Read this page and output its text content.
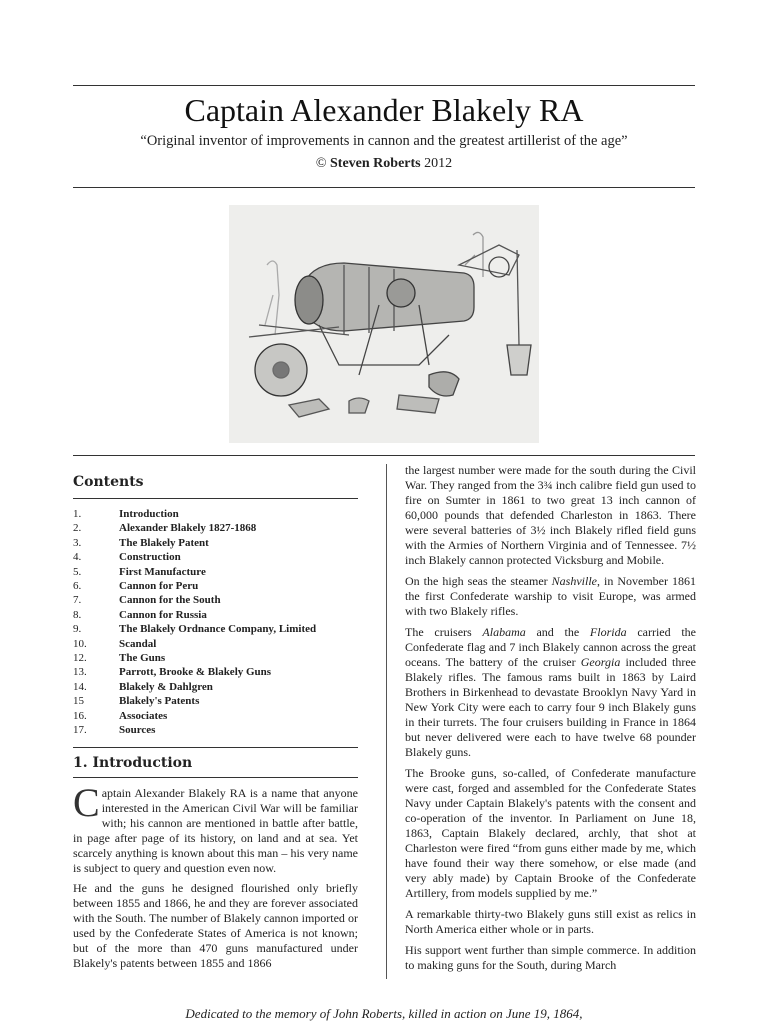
Captain Alexander Blakely RA
“Original inventor of improvements in cannon and the greatest artillerist of the age”
© Steven Roberts 2012
Contents
1.	Introduction
2.	Alexander Blakely 1827-1868
3.	The Blakely Patent
4.	Construction
5.	First Manufacture
6.	Cannon for Peru
7.	Cannon for the South
8.	Cannon for Russia
9.	The Blakely Ordnance Company, Limited
10.	Scandal
12.	The Guns
13.	Parrott, Brooke & Blakely Guns
14.	Blakely & Dahlgren
15	Blakely's Patents
16.	Associates
17.	Sources
1. Introduction

Captain Alexander Blakely RA is a name that anyone interested in the American Civil War will be familiar with; his cannon are mentioned in battle after battle, in page after page of its history, on land and at sea. Yet scarcely anything is known about this man – his very name is subject to query and question even now.

He and the guns he designed flourished only briefly between 1855 and 1866, he and they are forever associated with the South. The number of Blakely cannon imported or used by the Confederate States of America is not known; but of the more than 470 guns manufactured under Blakely's patents between 1855 and 1866

the largest number were made for the south during the Civil War. They ranged from the 3¾ inch calibre field gun used to fire on Sumter in 1861 to two great 13 inch cannon of 60,000 pounds that defended Charleston in 1863. There were several batteries of 3½ inch Blakely rifled field guns with the Armies of Northern Virginia and of Tennessee. 7½ inch Blakely cannon protected Vicksburg and Mobile.

On the high seas the steamer Nashville, in November 1861 the first Confederate warship to visit Europe, was armed with two Blakely rifles.

The cruisers Alabama and the Florida carried the Confederate flag and 7 inch Blakely cannon across the great oceans. The battery of the cruiser Georgia included three Blakely rifles. The famous rams built in 1863 by Laird Brothers in Birkenhead to devastate Brooklyn Navy Yard in New York City were each to carry four 9 inch Blakely guns in their turrets. The four cruisers building in France in 1864 but never delivered were each to have twelve 68 pounder Blakely guns.

The Brooke guns, so-called, of Confederate manufacture were cast, forged and assembled for the Confederate States Navy under Captain Blakely's patents with the consent and co-operation of the inventor. In Parliament on June 18, 1863, Captain Blakely declared, archly, that shot at Charleston were fired “from guns either made by me, which have found their way there somehow, or else made (and very ably made) by Captain Brooke of the Confederate Artillery, from models supplied by me.”

A remarkable thirty-two Blakely guns still exist as relics in North America either whole or in parts.

His support went further than simple commerce. In addition to making guns for the South, during March

Dedicated to the memory of John Roberts, killed in action on June 19, 1864,
